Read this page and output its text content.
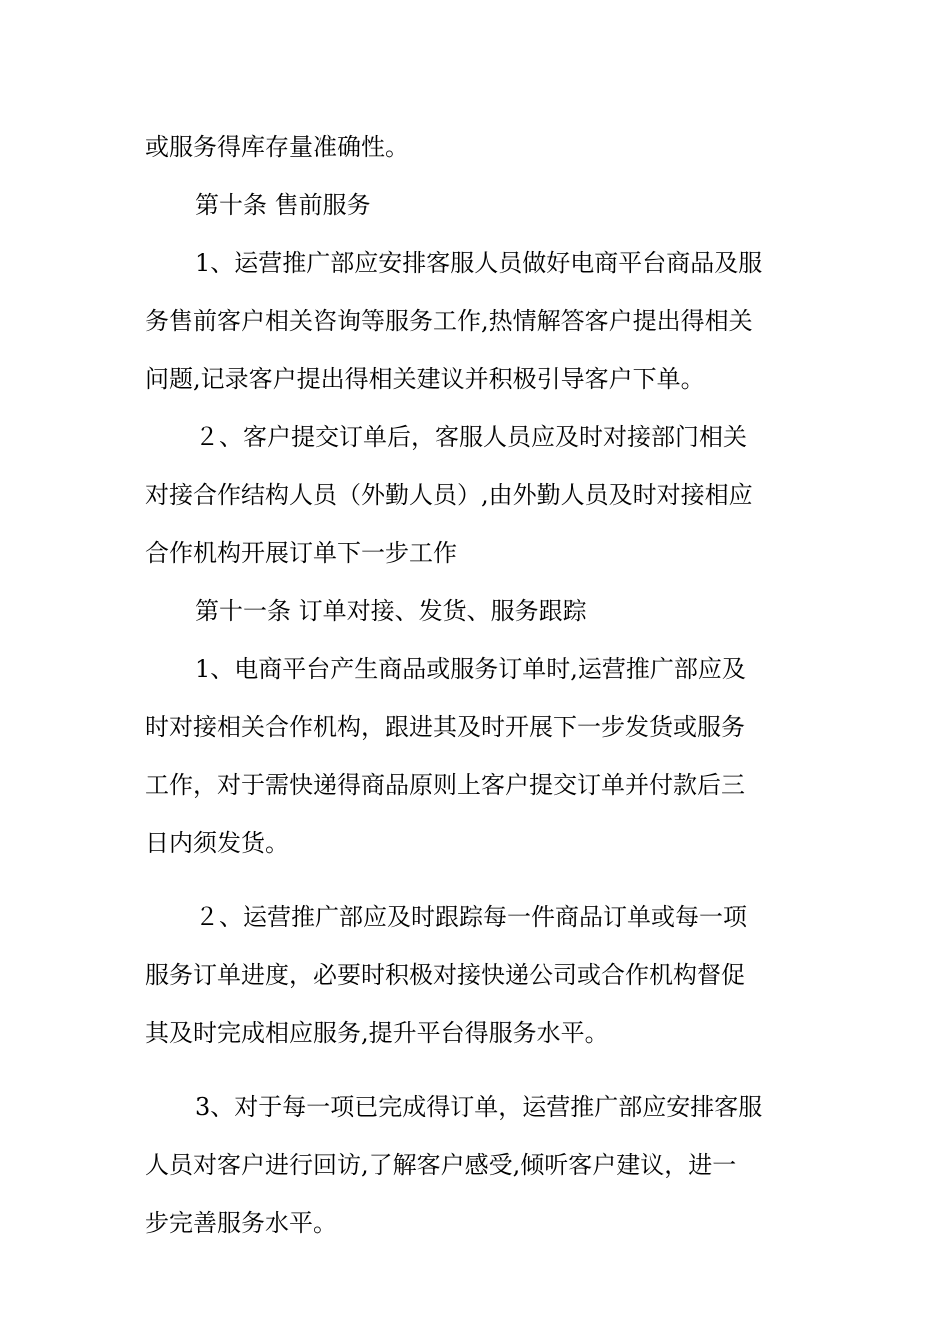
或服务得库存量准确性。
第十条 售前服务
1、运营推广部应安排客服人员做好电商平台商品及服
务售前客户相关咨询等服务工作,热情解答客户提出得相关
问题,记录客户提出得相关建议并积极引导客户下单。
２、客户提交订单后，客服人员应及时对接部门相关
对接合作结构人员（外勤人员）,由外勤人员及时对接相应
合作机构开展订单下一步工作
第十一条 订单对接、发货、服务跟踪
1、电商平台产生商品或服务订单时,运营推广部应及
时对接相关合作机构，跟进其及时开展下一步发货或服务
工作，对于需快递得商品原则上客户提交订单并付款后三
日内须发货。
２、运营推广部应及时跟踪每一件商品订单或每一项
服务订单进度，必要时积极对接快递公司或合作机构督促
其及时完成相应服务,提升平台得服务水平。
3、对于每一项已完成得订单，运营推广部应安排客服
人员对客户进行回访,了解客户感受,倾听客户建议，进一
步完善服务水平。
